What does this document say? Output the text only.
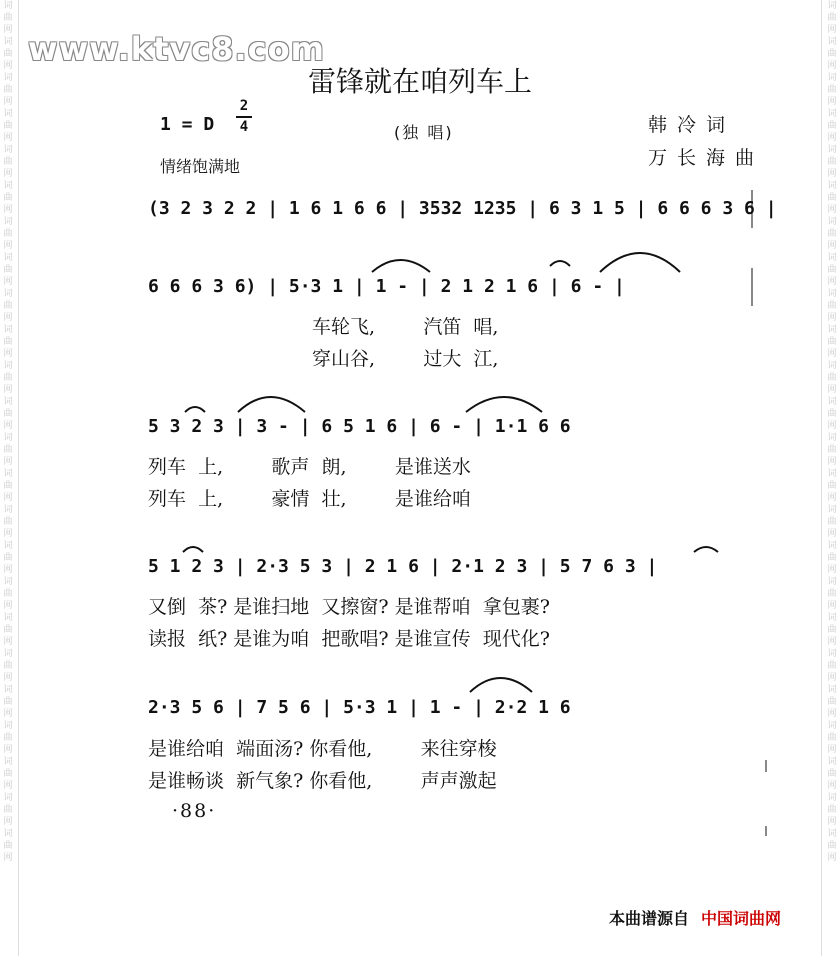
词曲网词曲网词曲网词曲网词曲网词曲网词曲网词曲网词曲网词曲网词曲网词曲网词曲网词曲网词曲网词曲网词曲网词曲网词曲网词曲网词曲网词曲网词曲网词曲网
词曲网词曲网词曲网词曲网词曲网词曲网词曲网词曲网词曲网词曲网词曲网词曲网词曲网词曲网词曲网词曲网词曲网词曲网词曲网词曲网词曲网词曲网词曲网词曲网
www.ktvc8.com
雷锋就在咱列车上
1 = D
2
4
情绪饱满地
(独 唱)	韩冷词
万长海曲
(3 2 3 2 2 | 1 6 1 6 6 | 3532 1235 | 6 3 1 5 | 6 6 6 3 6 |
6 6 6 3 6) | 5·3 1 | 1 - | 2 1 2 1 6 | 6 - |
车轮飞,        汽笛  唱,
穿山谷,        过大  江,
5 3 2 3 | 3 - | 6 5 1 6 | 6 - | 1·1 6 6
列车  上,        歌声  朗,        是谁送水
列车  上,        豪情  壮,        是谁给咱
5 1 2 3 | 2·3 5 3 | 2 1 6 | 2·1 2 3 | 5 7 6 3 |
又倒  茶? 是谁扫地  又擦窗? 是谁帮咱  拿包裹?
读报  纸? 是谁为咱  把歌唱? 是谁宣传  现代化?
2·3 5 6 | 7 5 6 | 5·3 1 | 1 - | 2·2 1 6
是谁给咱  端面汤? 你看他,        来往穿梭
是谁畅谈  新气象? 你看他,        声声激起
·88·
本曲谱源自 中国词曲网
